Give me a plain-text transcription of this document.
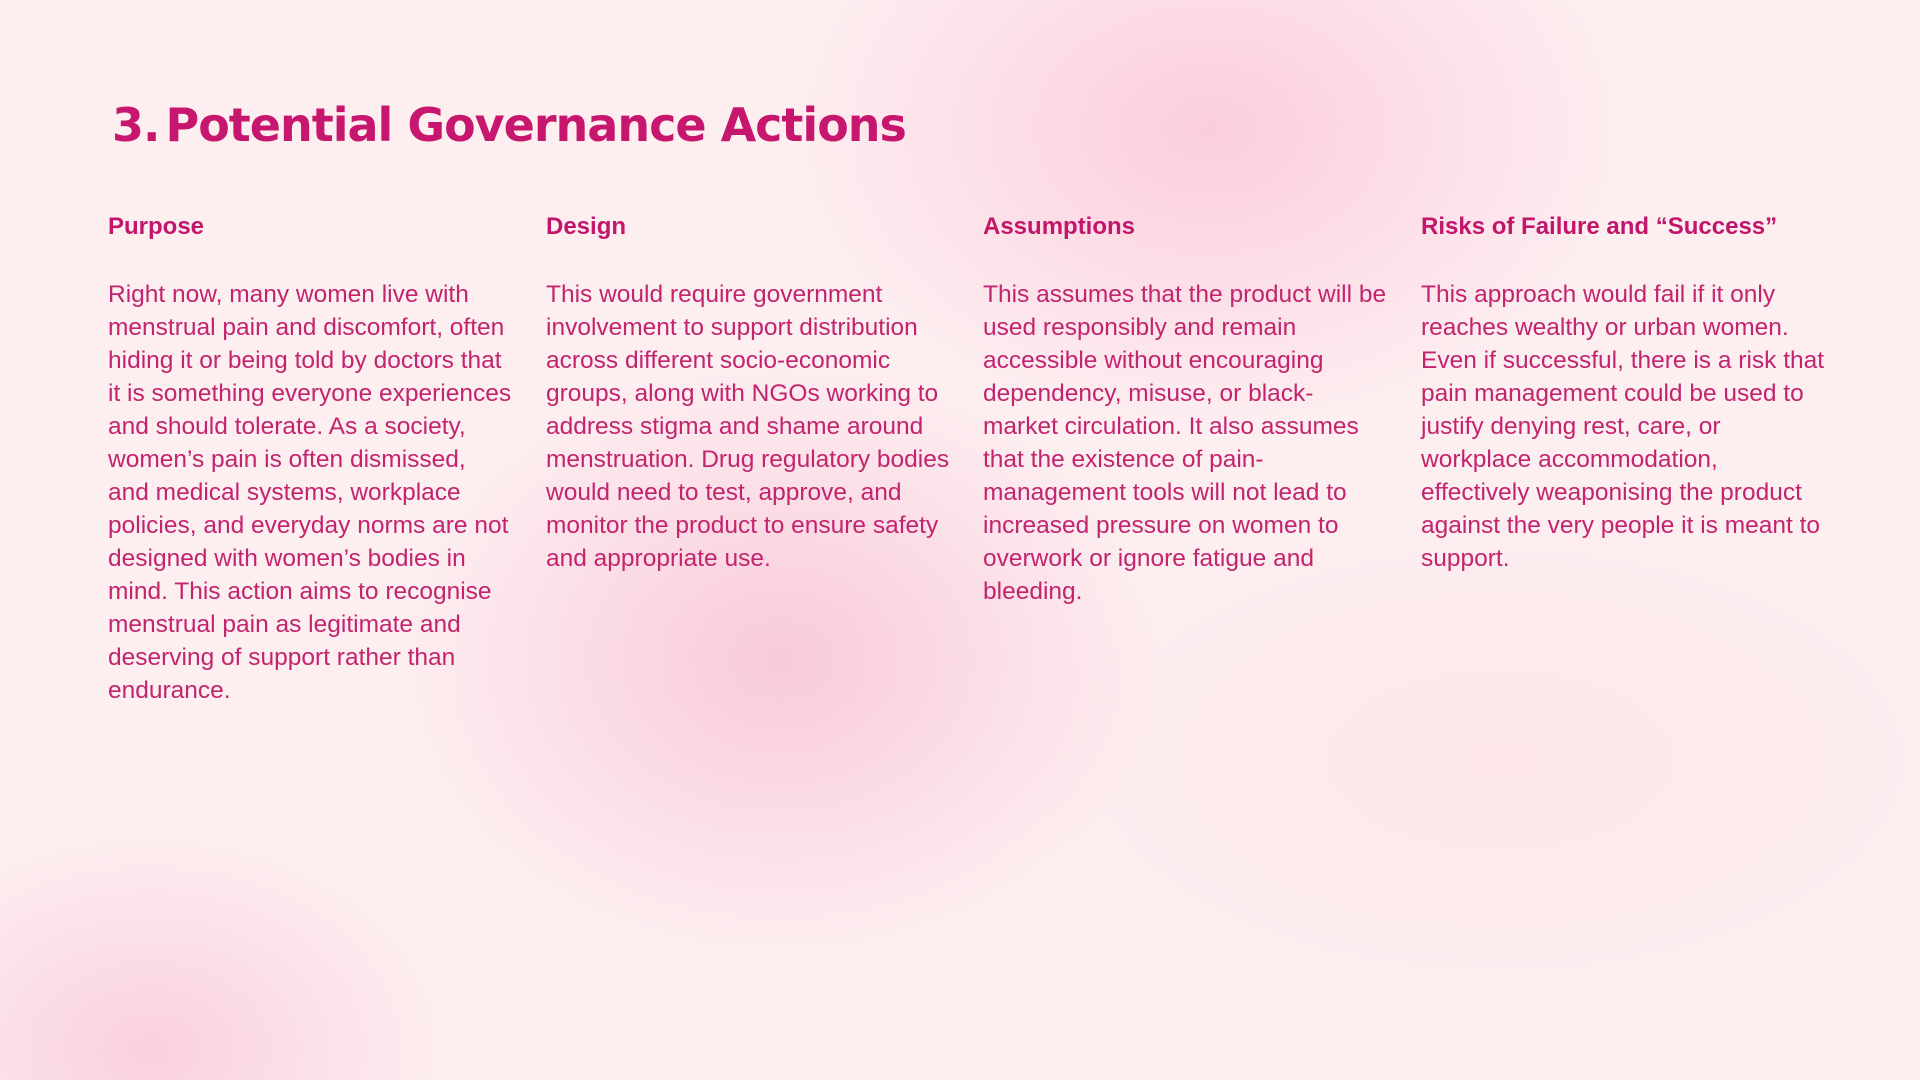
3. Potential Governance Actions
Purpose

Right now, many women live with menstrual pain and discomfort, often hiding it or being told by doctors that it is something everyone experiences and should tolerate. As a society, women’s pain is often dismissed, and medical systems, workplace policies, and everyday norms are not designed with women’s bodies in mind. This action aims to recognise menstrual pain as legitimate and deserving of support rather than endurance.

Design

This would require government involvement to support distribution across different socio-economic groups, along with NGOs working to address stigma and shame around menstruation. Drug regulatory bodies would need to test, approve, and monitor the product to ensure safety and appropriate use.

Assumptions

This assumes that the product will be used responsibly and remain accessible without encouraging dependency, misuse, or black-market circulation. It also assumes that the existence of pain-management tools will not lead to increased pressure on women to overwork or ignore fatigue and bleeding.

Risks of Failure and “Success”

This approach would fail if it only reaches wealthy or urban women. Even if successful, there is a risk that pain management could be used to justify denying rest, care, or workplace accommodation, effectively weaponising the product against the very people it is meant to support.
